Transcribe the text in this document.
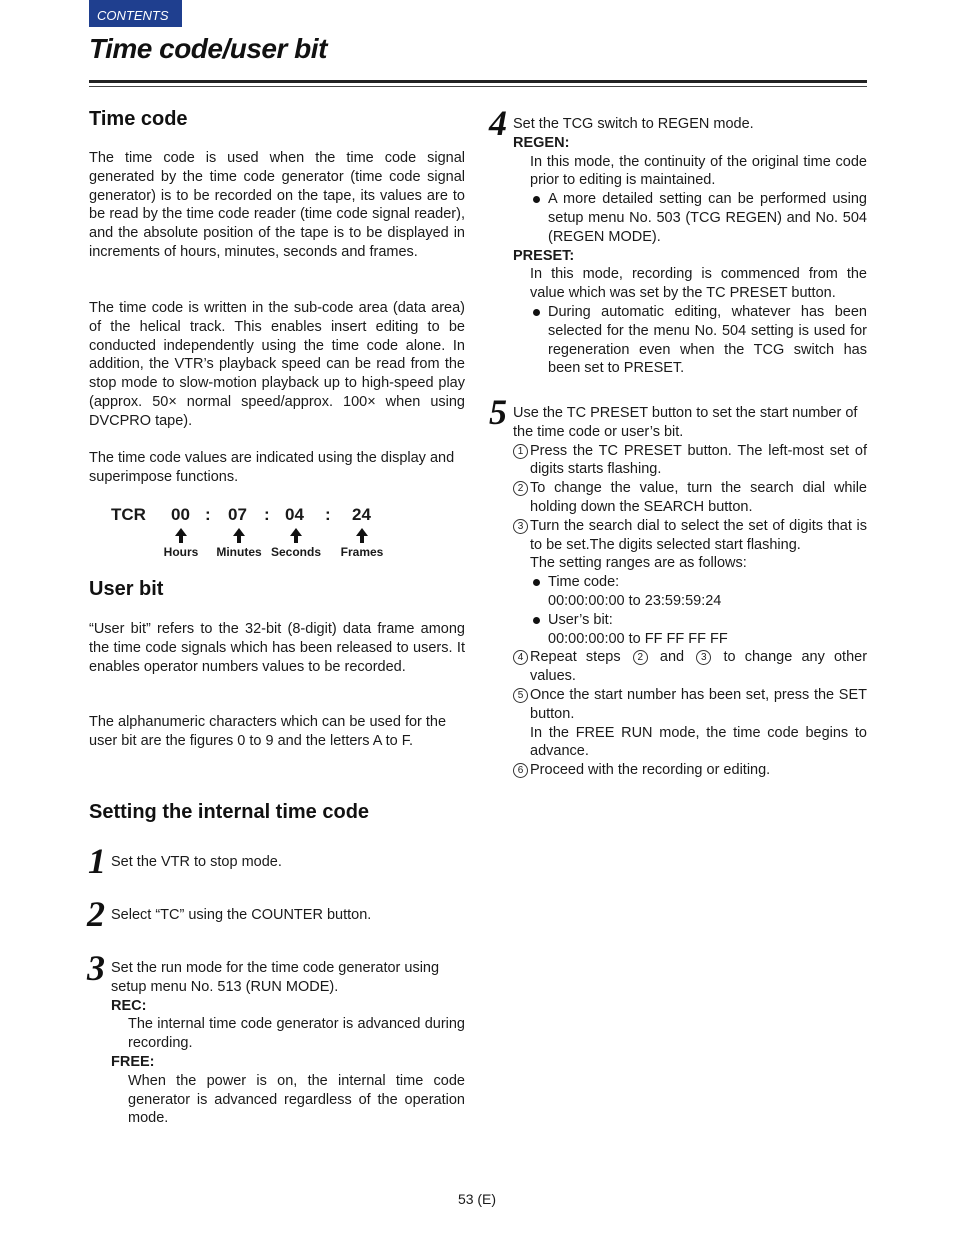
CONTENTS
Time code/user bit
Time code
The time code is used when the time code signal generated by the time code generator (time code signal generator) is to be recorded on the tape, its values are to be read by the time code reader (time code signal reader), and the absolute position of the tape is to be displayed in increments of hours, minutes, seconds and frames.
The time code is written in the sub-code area (data area) of the helical track. This enables insert editing to be conducted independently using the time code alone. In addition, the VTR’s playback speed can be read from the stop mode to slow-motion playback up to high-speed play (approx. 50× normal speed/approx. 100× when using DVCPRO tape).
The time code values are indicated using the display and superimpose functions.
TCR 00 : 07 : 04 : 24
Hours Minutes Seconds Frames
User bit
“User bit” refers to the 32-bit (8-digit) data frame among the time code signals which has been released to users. It enables operator numbers values to be recorded.
The alphanumeric characters which can be used for the user bit are the figures 0 to 9 and the letters A to F.
Setting the internal time code
1 Set the VTR to stop mode.
2 Select “TC” using the COUNTER button.
3 Set the run mode for the time code generator using setup menu No. 513 (RUN MODE).
REC:
The internal time code generator is advanced during recording.
FREE:
When the power is on, the internal time code generator is advanced regardless of the operation mode.
4 Set the TCG switch to REGEN mode.
REGEN:
In this mode, the continuity of the original time code prior to editing is maintained.
A more detailed setting can be performed using setup menu No. 503 (TCG REGEN) and No. 504 (REGEN MODE).
PRESET:
In this mode, recording is commenced from the value which was set by the TC PRESET button.
During automatic editing, whatever has been selected for the menu No. 504 setting is used for regeneration even when the TCG switch has been set to PRESET.
5 Use the TC PRESET button to set the start number of the time code or user’s bit.
1 Press the TC PRESET button. The left-most set of digits starts flashing.
2 To change the value, turn the search dial while holding down the SEARCH button.
3 Turn the search dial to select the set of digits that is to be set.The digits selected start flashing.
The setting ranges are as follows:
Time code:
00:00:00:00 to 23:59:59:24
User’s bit:
00:00:00:00 to FF FF FF FF
4 Repeat steps 2 and 3 to change any other values.
5 Once the start number has been set, press the SET button.
In the FREE RUN mode, the time code begins to advance.
6 Proceed with the recording or editing.
53 (E)
